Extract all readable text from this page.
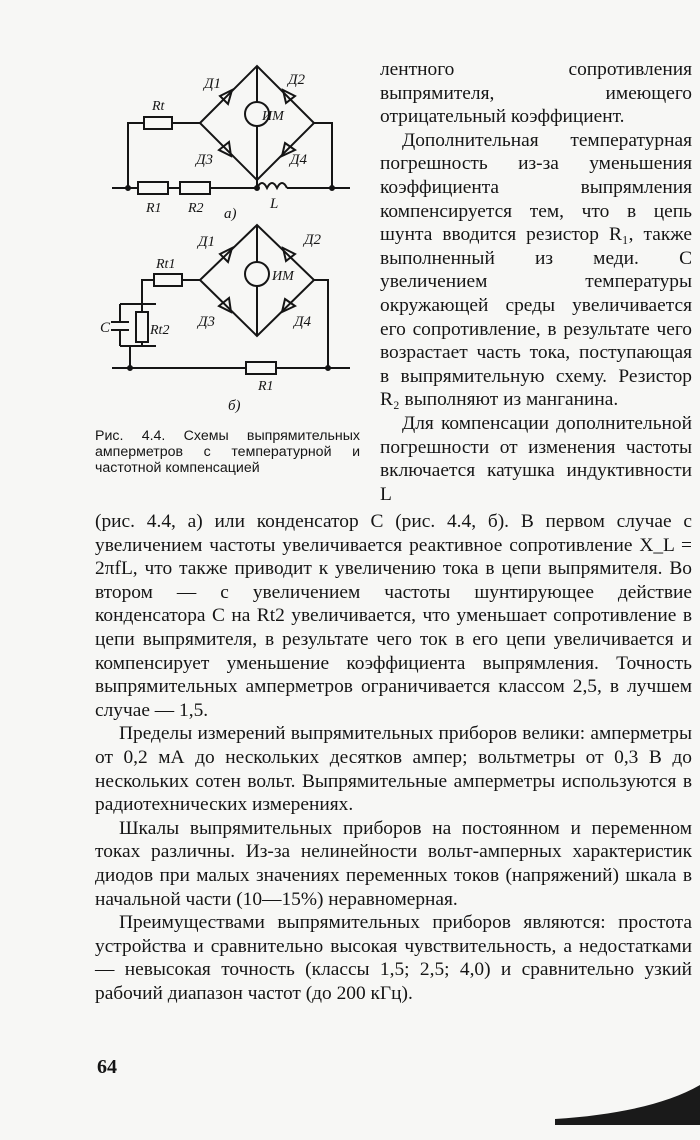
Д1	Д2
ИМ
Д3	Д4
Rt
R1 R2	L
а)
Д1	Д2
ИМ
Д3	Д4
Rt1
C	Rt2
R1
б)
Рис. 4.4. Схемы выпрямительных амперметров с температурной и частотной компенсацией

лентного сопротивления выпрямителя, имеющего отрицательный коэффициент.

Дополнительная температурная погрешность из-за уменьшения коэффициента выпрямления компенсируется тем, что в цепь шунта вводится резистор R₁, также выполненный из меди. С увеличением температуры окружающей среды увеличивается его сопротивление, в результате чего возрастает часть тока, поступающая в выпрямительную схему. Резистор R₂ выполняют из манганина.

Для компенсации дополнительной погрешности от изменения частоты включается катушка индуктивности L

(рис. 4.4, а) или конденсатор C (рис. 4.4, б). В первом случае с увеличением частоты увеличивается реактивное сопротивление X_L = 2πfL, что также приводит к увеличению тока в цепи выпрямителя. Во втором — с увеличением частоты шунтирующее действие конденсатора C на Rt2 увеличивается, что уменьшает сопротивление в цепи выпрямителя, в результате чего ток в его цепи увеличивается и компенсирует уменьшение коэффициента выпрямления. Точность выпрямительных амперметров ограничивается классом 2,5, в лучшем случае — 1,5.

Пределы измерений выпрямительных приборов велики: амперметры от 0,2 мА до нескольких десятков ампер; вольтметры от 0,3 В до нескольких сотен вольт. Выпрямительные амперметры используются в радиотехнических измерениях.

Шкалы выпрямительных приборов на постоянном и переменном токах различны. Из-за нелинейности вольт-амперных характеристик диодов при малых значениях переменных токов (напряжений) шкала в начальной части (10—15%) неравномерная.

Преимуществами выпрямительных приборов являются: простота устройства и сравнительно высокая чувствительность, а недостатками — невысокая точность (классы 1,5; 2,5; 4,0) и сравнительно узкий рабочий диапазон частот (до 200 кГц).

64
